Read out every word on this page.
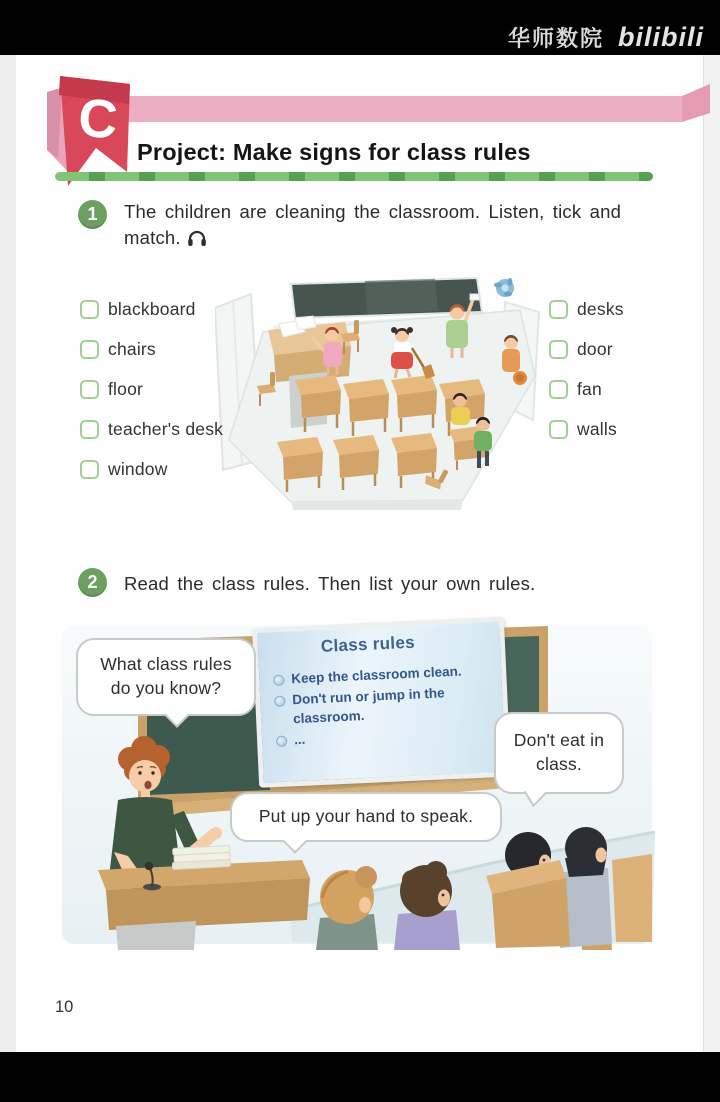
华师数院 bilibili
C
Project: Make signs for class rules
1	The children are cleaning the classroom. Listen, tick and match.
blackboard
chairs
floor
teacher's desk
window
desks
door
fan
walls
2	Read the class rules. Then list your own rules.
Class rules
Keep the classroom clean.
Don't run or jump in the classroom.
...
What class rules do you know?
Don't eat in class.
Put up your hand to speak.
10
